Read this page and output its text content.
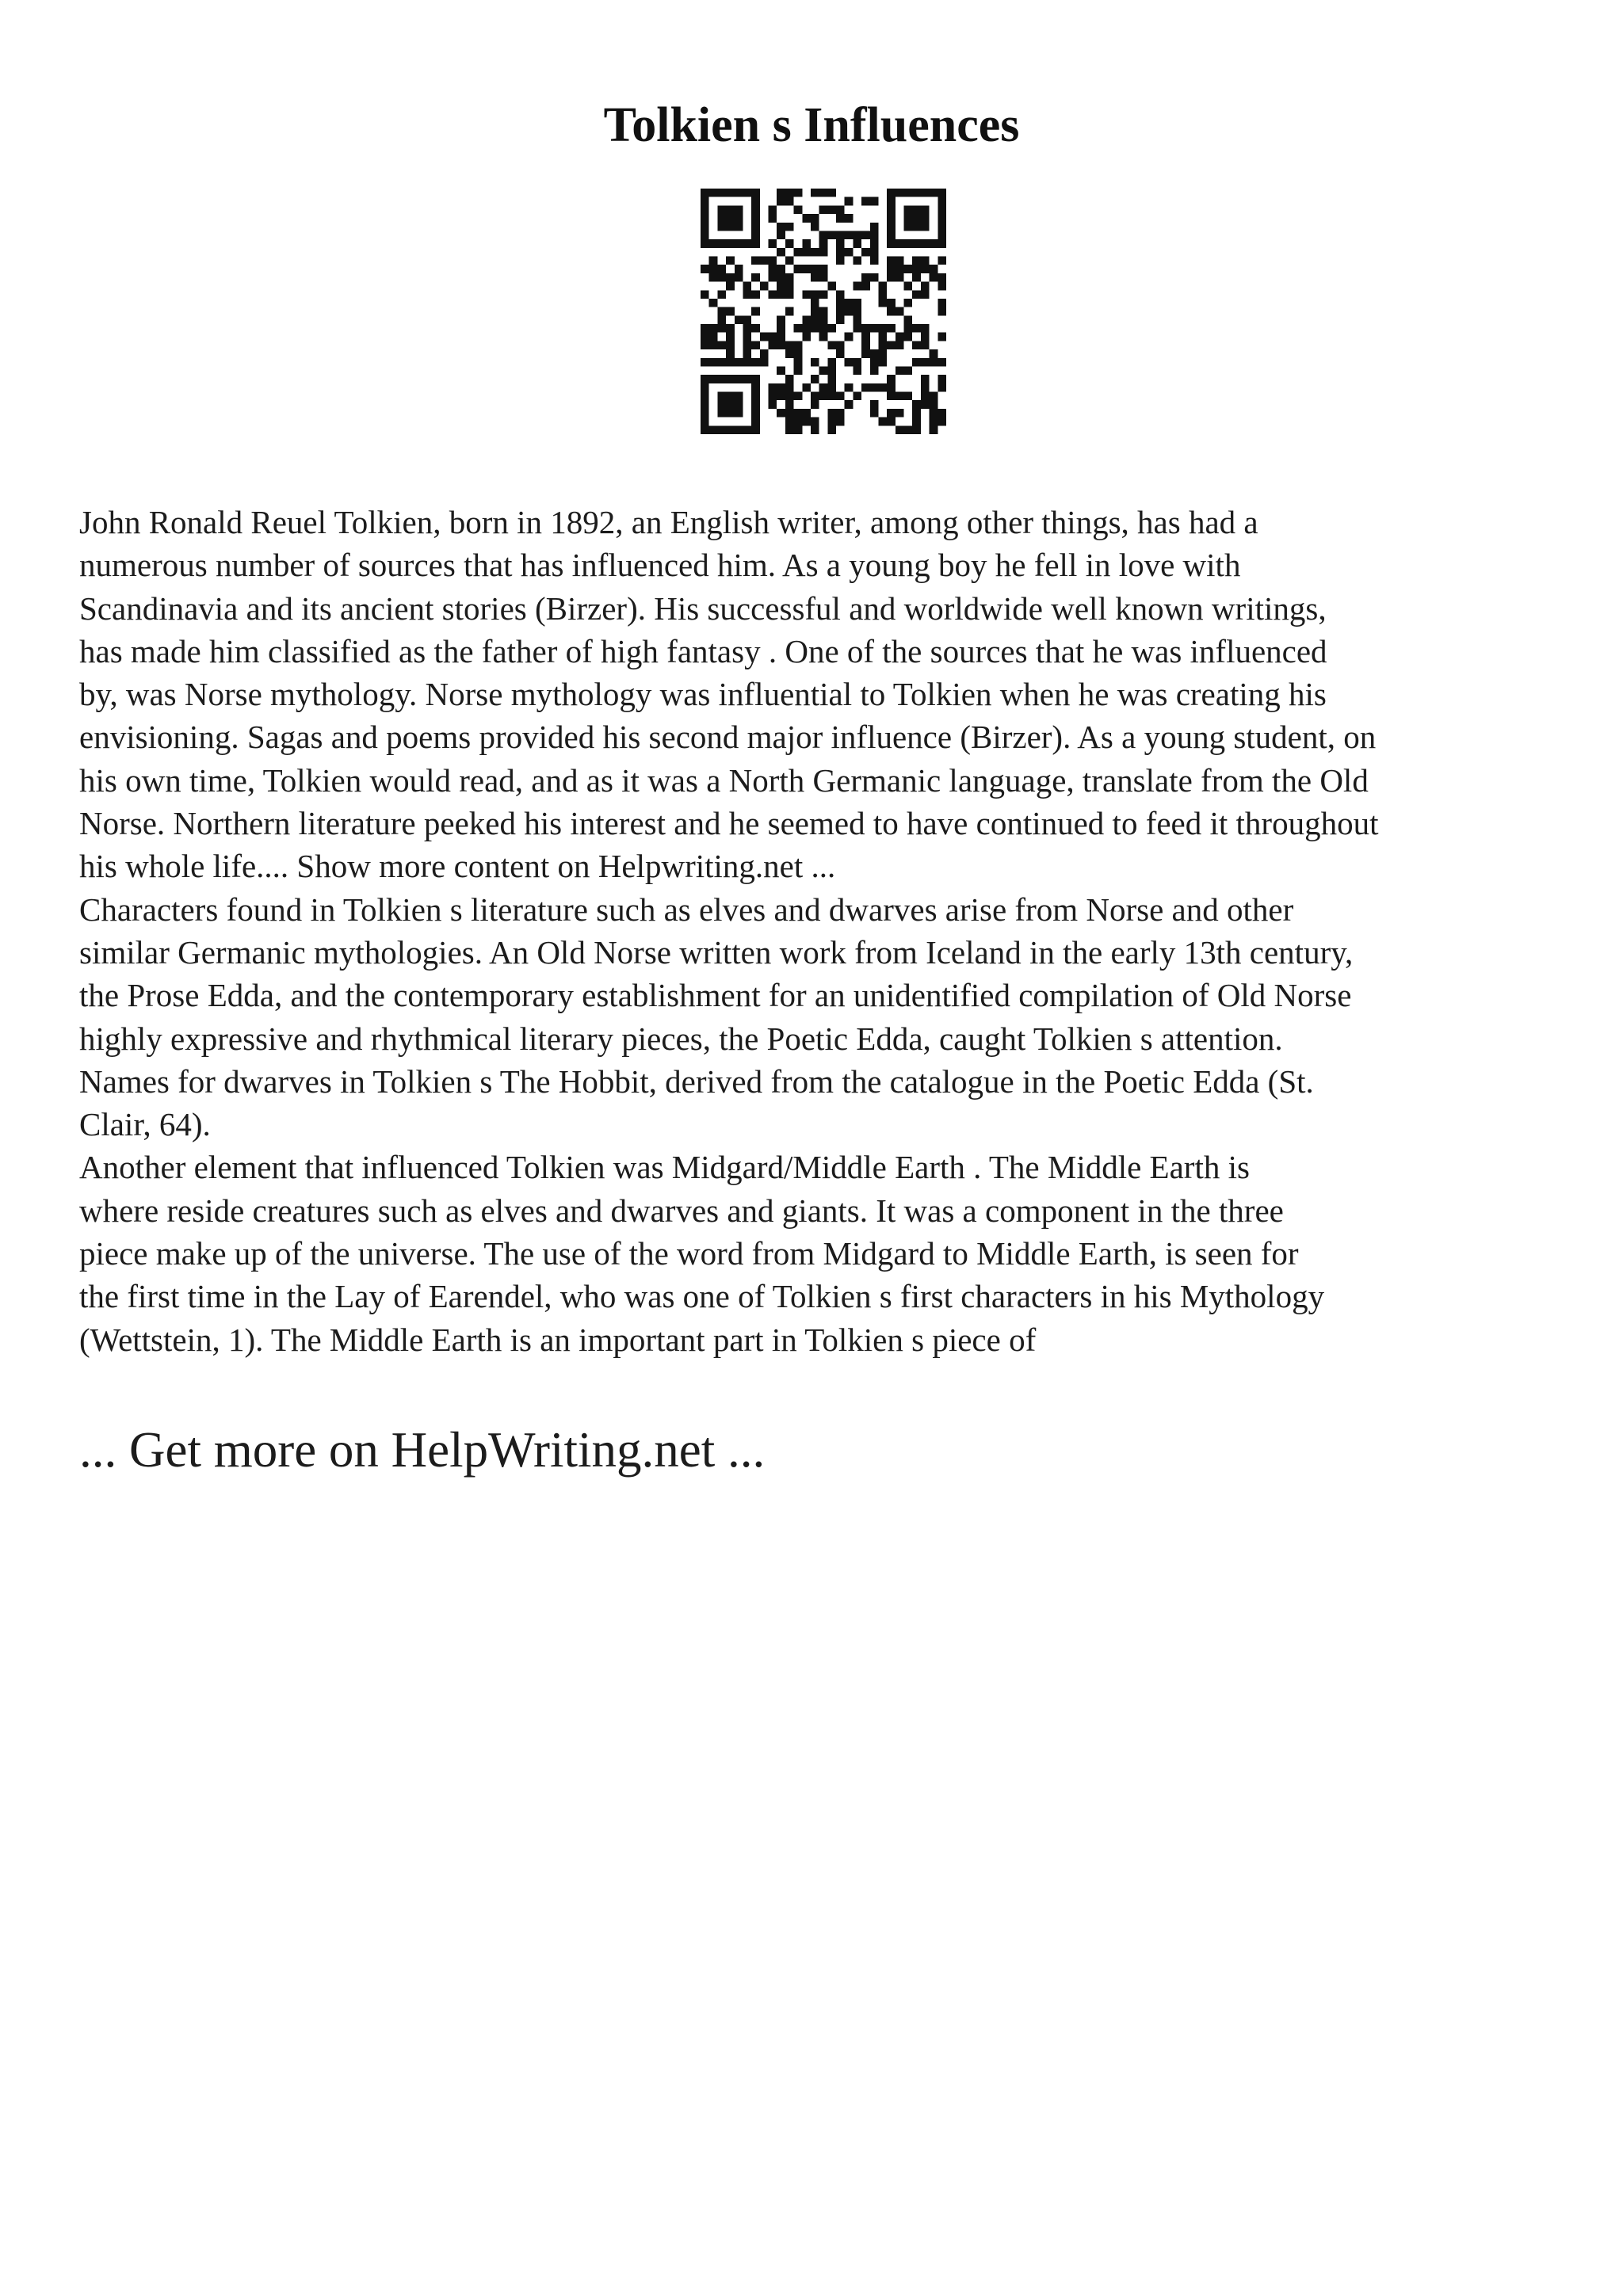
Tolkien s Influences

John Ronald Reuel Tolkien, born in 1892, an English writer, among other things, has had a

numerous number of sources that has influenced him. As a young boy he fell in love with

Scandinavia and its ancient stories (Birzer). His successful and worldwide well known writings,

has made him classified as the father of high fantasy . One of the sources that he was influenced

by, was Norse mythology. Norse mythology was influential to Tolkien when he was creating his

envisioning. Sagas and poems provided his second major influence (Birzer). As a young student, on

his own time, Tolkien would read, and as it was a North Germanic language, translate from the Old

Norse. Northern literature peeked his interest and he seemed to have continued to feed it throughout

his whole life.... Show more content on Helpwriting.net ...

Characters found in Tolkien s literature such as elves and dwarves arise from Norse and other

similar Germanic mythologies. An Old Norse written work from Iceland in the early 13th century,

the Prose Edda, and the contemporary establishment for an unidentified compilation of Old Norse

highly expressive and rhythmical literary pieces, the Poetic Edda, caught Tolkien s attention.

Names for dwarves in Tolkien s The Hobbit, derived from the catalogue in the Poetic Edda (St.

Clair, 64).

Another element that influenced Tolkien was Midgard/Middle Earth . The Middle Earth is

where reside creatures such as elves and dwarves and giants. It was a component in the three

piece make up of the universe. The use of the word from Midgard to Middle Earth, is seen for

the first time in the Lay of Earendel, who was one of Tolkien s first characters in his Mythology

(Wettstein, 1). The Middle Earth is an important part in Tolkien s piece of

... Get more on HelpWriting.net ...
